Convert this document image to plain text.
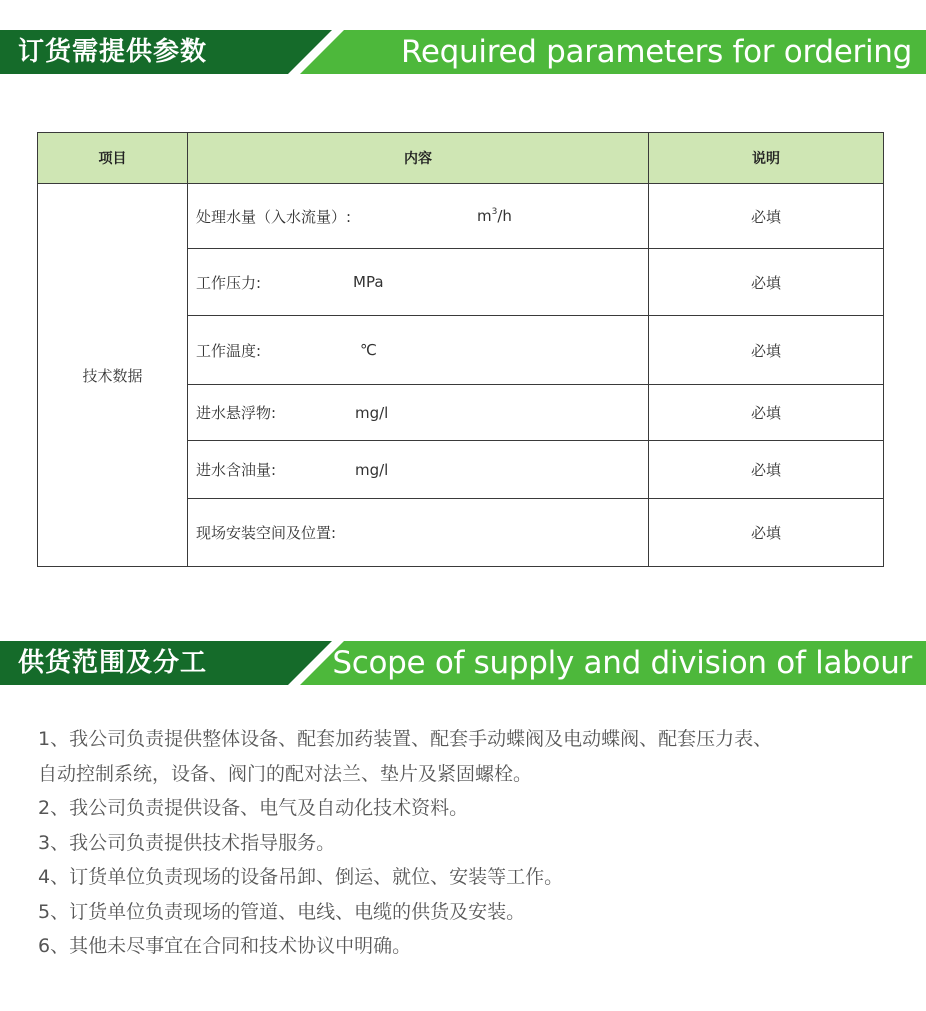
订货需提供参数	Required parameters for ordering
项目	内容	说明
技术数据	处理水量（入水流量）: $m^3$ /h	必填

	工作压力: MPa	必填

	工作温度: ℃	必填

	进水悬浮物: mg/l	必填

	进水含油量: mg/l	必填

	现场安装空间及位置:	必填
供货范围及分工	Scope of supply and division of labour
1、我公司负责提供整体设备、配套加药装置、配套手动蝶阀及电动蝶阀、配套压力表、
自动控制系统，设备、阀门的配对法兰、垫片及紧固螺栓。
2、我公司负责提供设备、电气及自动化技术资料。
3、我公司负责提供技术指导服务。
4、订货单位负责现场的设备吊卸、倒运、就位、安装等工作。
5、订货单位负责现场的管道、电线、电缆的供货及安装。
6、其他未尽事宜在合同和技术协议中明确。
